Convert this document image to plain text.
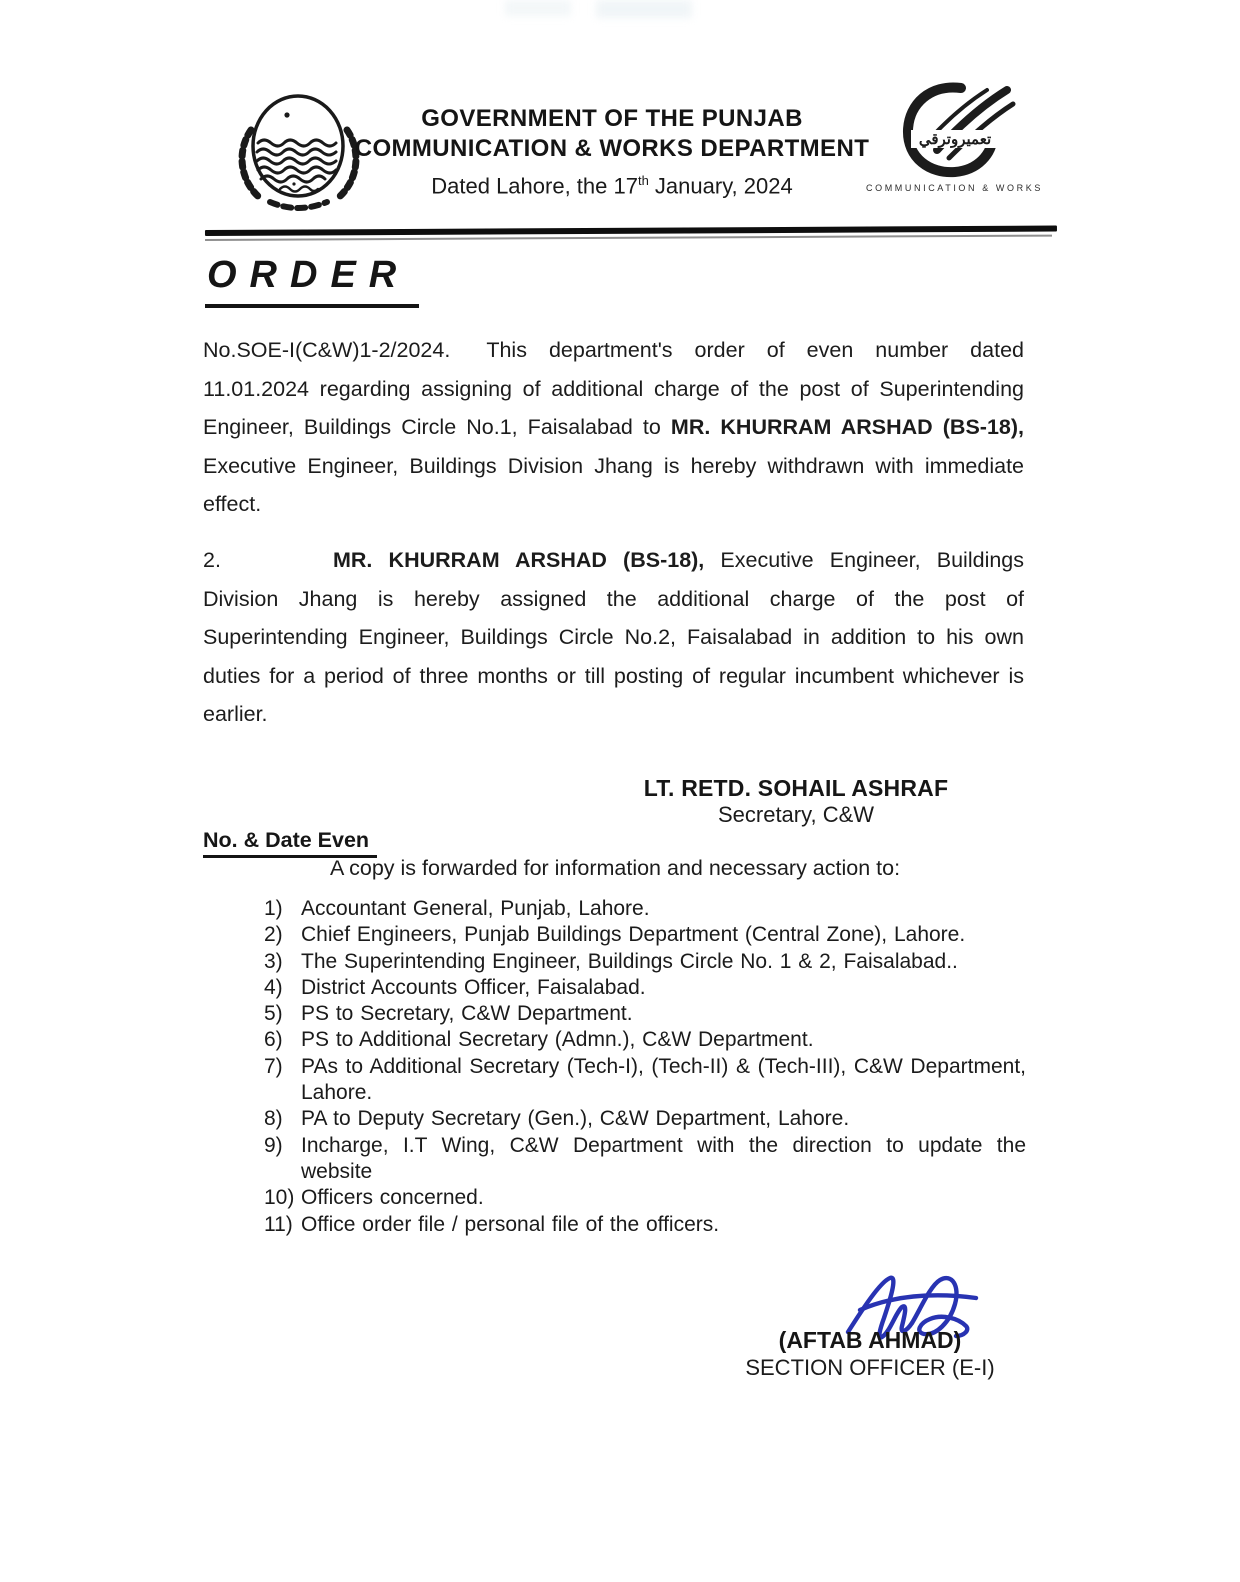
GOVERNMENT OF THE PUNJAB
COMMUNICATION & WORKS DEPARTMENT
Dated Lahore, the 17th January, 2024
تعميروترقي
COMMUNICATION & WORKS
ORDER
No.SOE-I(C&W)1-2/2024. This department's order of even number dated 11.01.2024 regarding assigning of additional charge of the post of Superintending Engineer, Buildings Circle No.1, Faisalabad to MR. KHURRAM ARSHAD (BS-18), Executive Engineer, Buildings Division Jhang is hereby withdrawn with immediate effect.
2.	MR. KHURRAM ARSHAD (BS-18), Executive Engineer, Buildings Division Jhang is hereby assigned the additional charge of the post of Superintending Engineer, Buildings Circle No.2, Faisalabad in addition to his own duties for a period of three months or till posting of regular incumbent whichever is earlier.
LT. RETD. SOHAIL ASHRAF
Secretary, C&W
No. & Date Even
A copy is forwarded for information and necessary action to:
1) Accountant General, Punjab, Lahore.
2) Chief Engineers, Punjab Buildings Department (Central Zone), Lahore.
3) The Superintending Engineer, Buildings Circle No. 1 & 2, Faisalabad..
4) District Accounts Officer, Faisalabad.
5) PS to Secretary, C&W Department.
6) PS to Additional Secretary (Admn.), C&W Department.
7) PAs to Additional Secretary (Tech-I), (Tech-II) & (Tech-III), C&W Department, Lahore.
8) PA to Deputy Secretary (Gen.), C&W Department, Lahore.
9) Incharge, I.T Wing, C&W Department with the direction to update the website
10) Officers concerned.
11) Office order file / personal file of the officers.
(AFTAB AHMAD)
SECTION OFFICER (E-I)
